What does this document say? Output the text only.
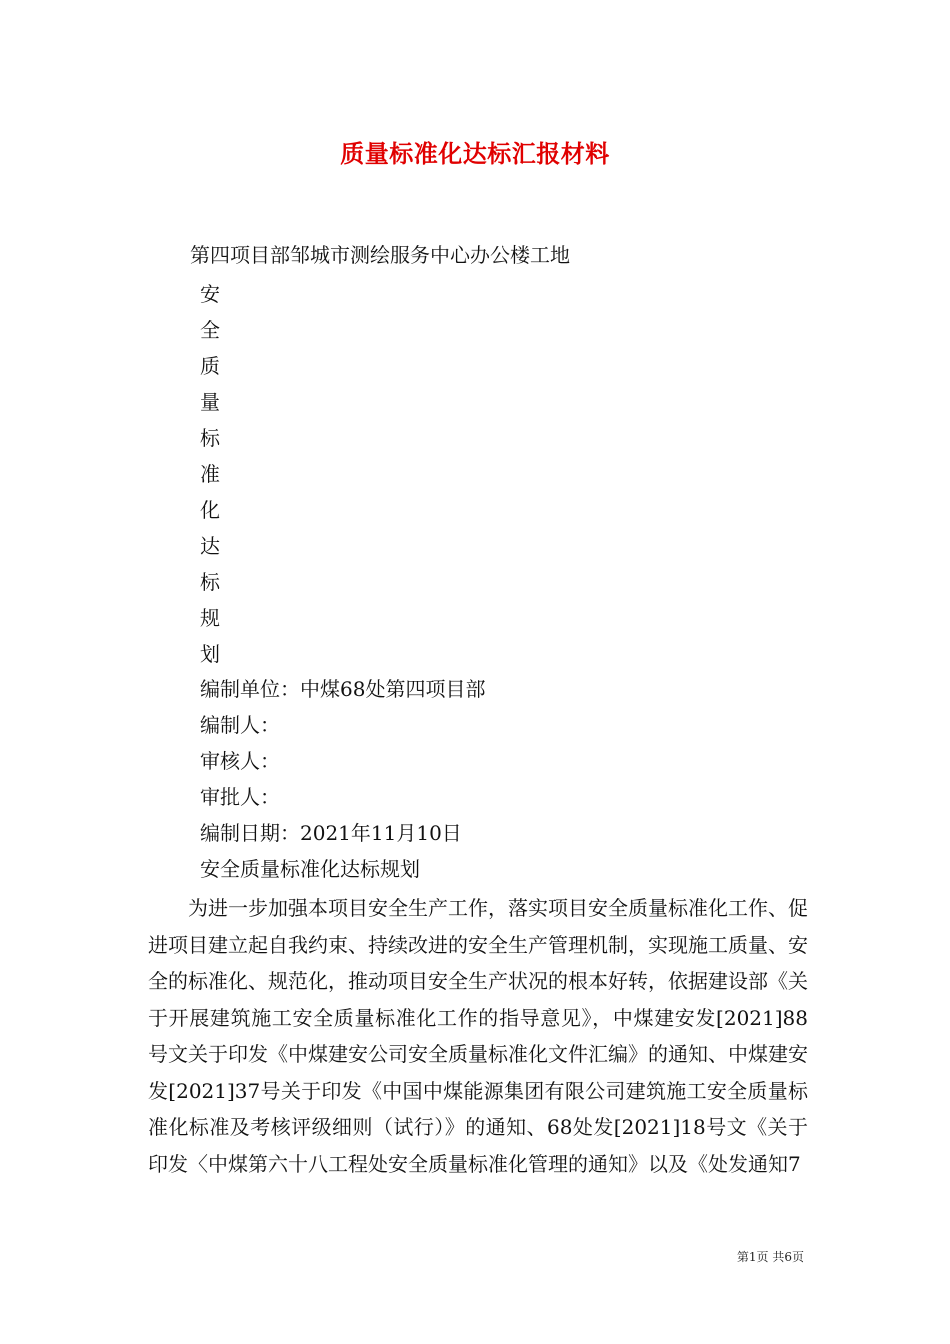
质量标准化达标汇报材料
第四项目部邹城市测绘服务中心办公楼工地
安
全
质
量
标
准
化
达
标
规
划
编制单位：中煤68处第四项目部
编制人：
审核人：
审批人：
编制日期：2021年11月10日
安全质量标准化达标规划

为进一步加强本项目安全生产工作，落实项目安全质量标准化工作、促进项目建立起自我约束、持续改进的安全生产管理机制，实现施工质量、安全的标准化、规范化，推动项目安全生产状况的根本好转，依据建设部《关于开展建筑施工安全质量标准化工作的指导意见》，中煤建安发[2021]88号文关于印发《中煤建安公司安全质量标准化文件汇编》的通知、中煤建安发[2021]37号关于印发《中国中煤能源集团有限公司建筑施工安全质量标准化标准及考核评级细则（试行）》的通知、68处发[2021]18号文《关于印发〈中煤第六十八工程处安全质量标准化管理的通知》以及《处发通知7

第1页 共6页
